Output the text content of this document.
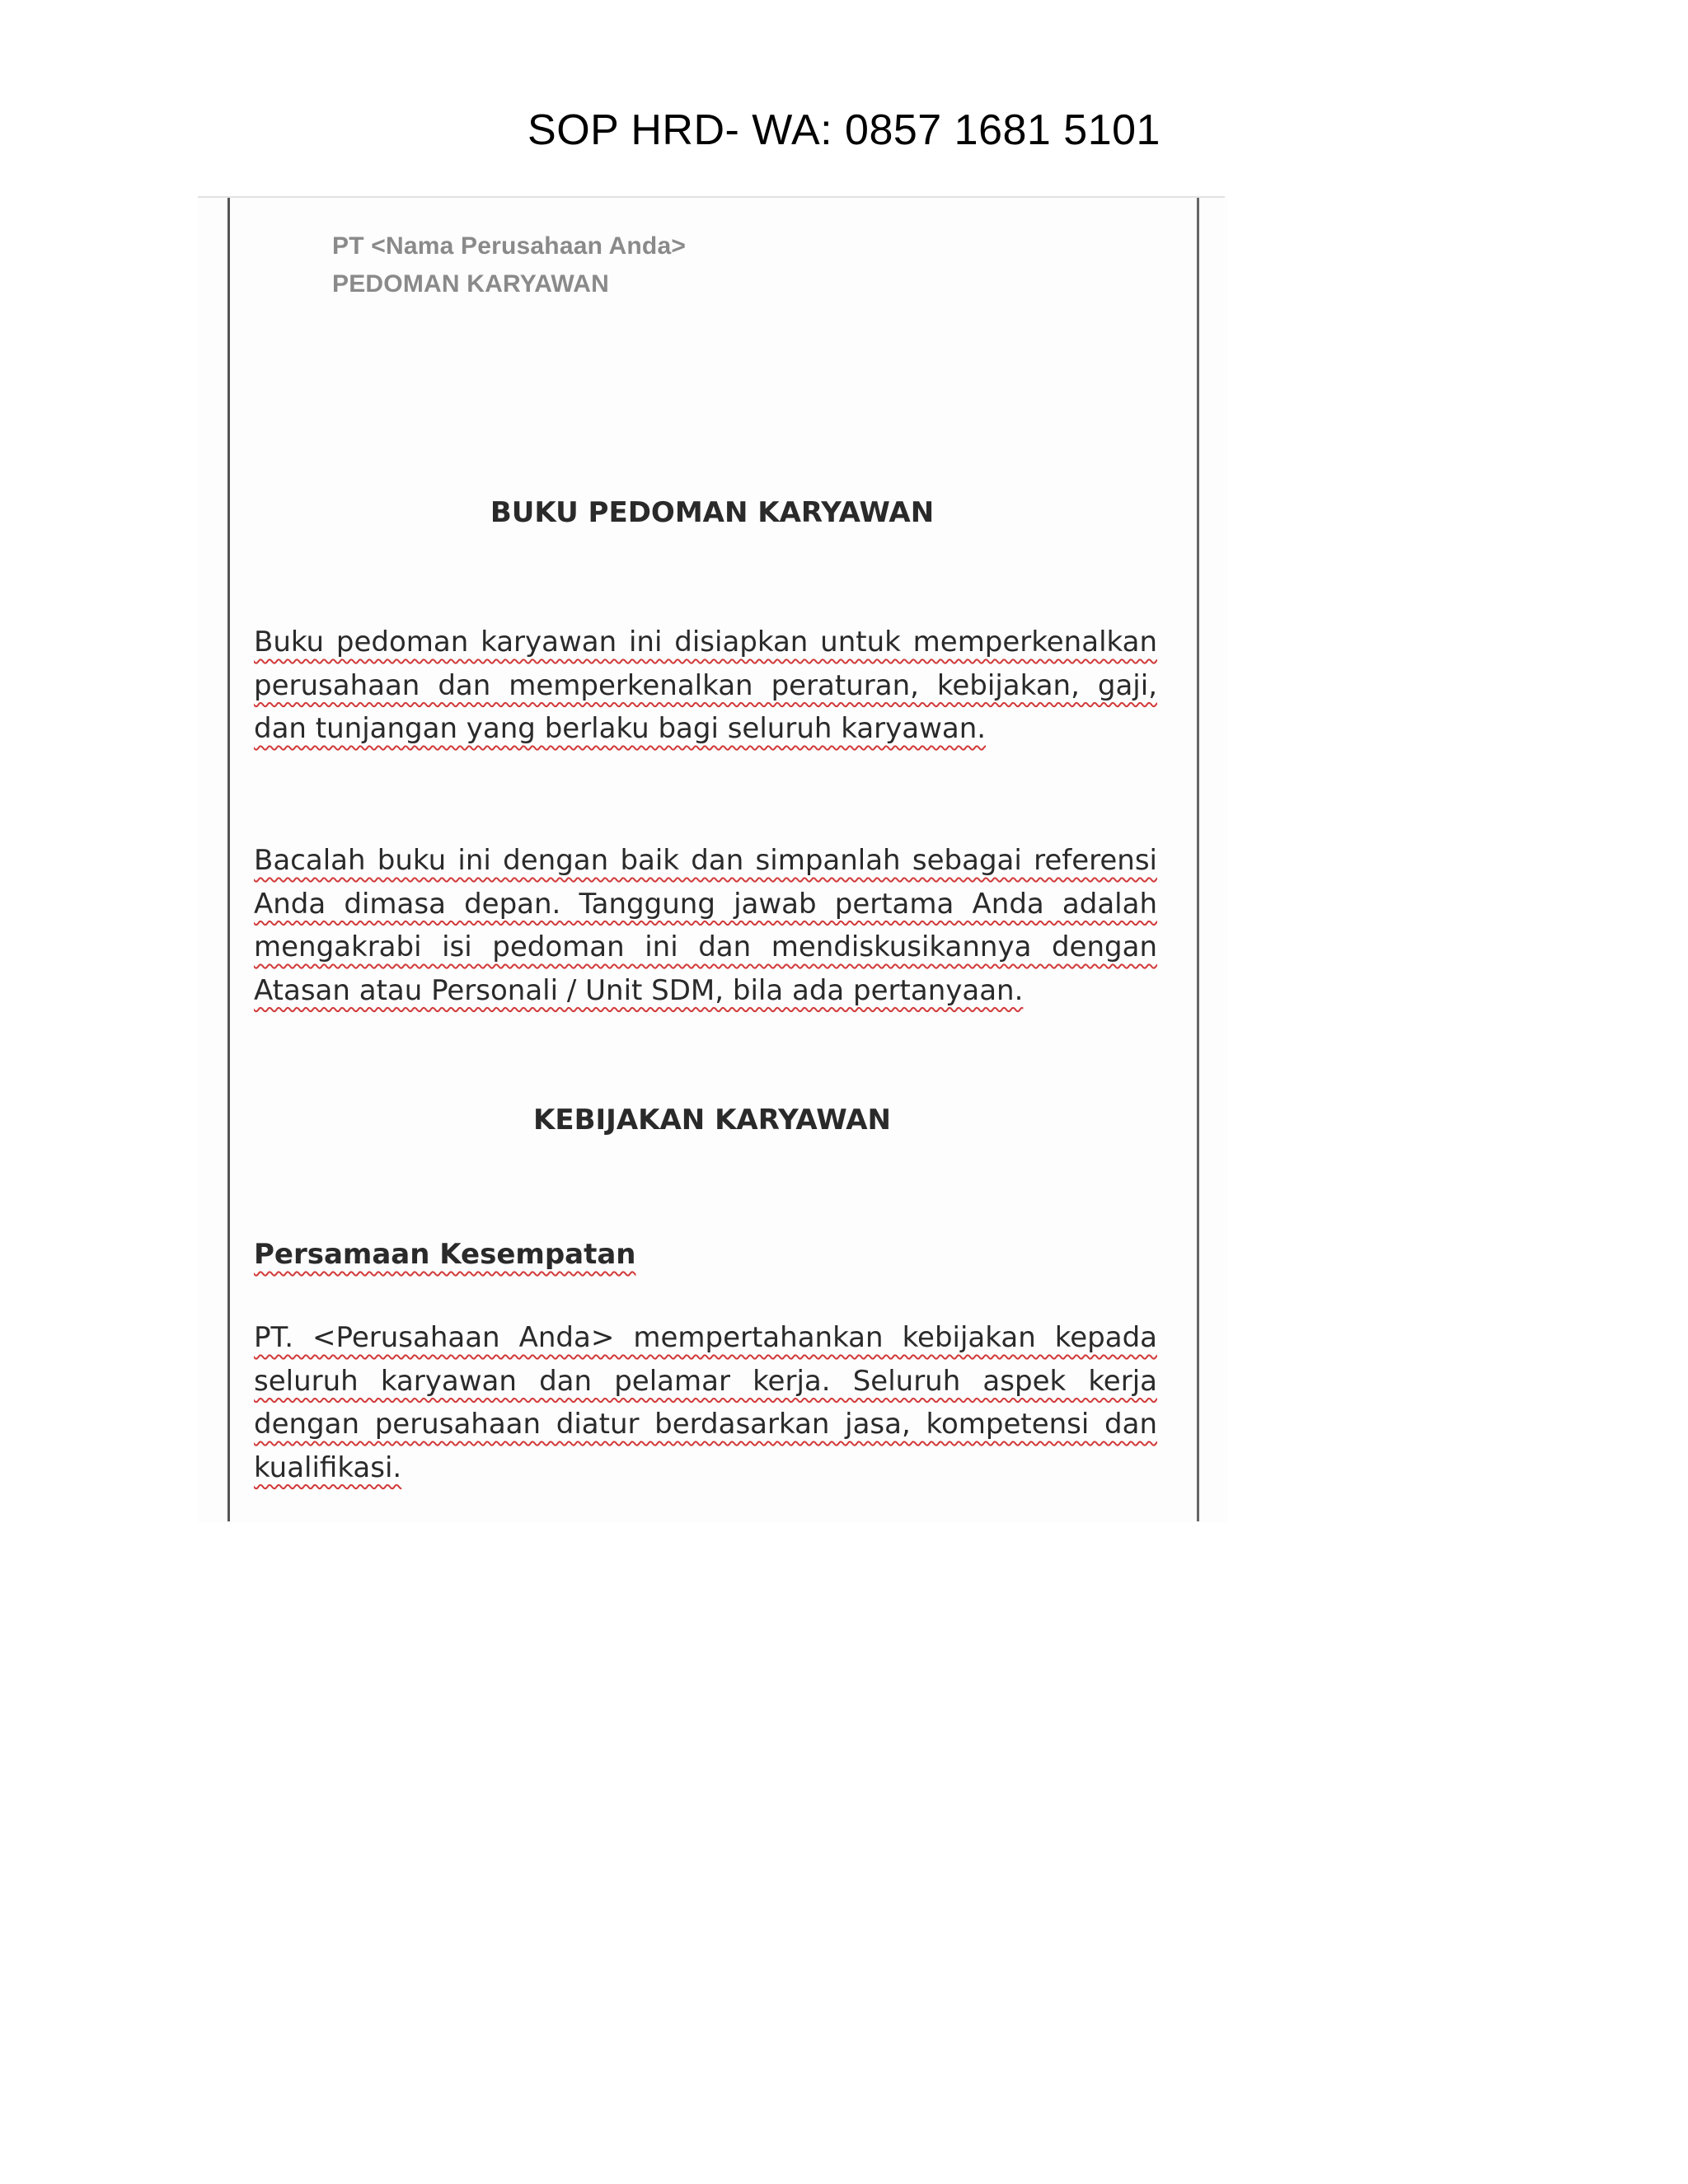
SOP HRD- WA: 0857 1681 5101
PT <Nama Perusahaan Anda>
PEDOMAN KARYAWAN
BUKU PEDOMAN KARYAWAN
Buku pedoman karyawan ini disiapkan untuk memperkenalkan perusahaan dan memperkenalkan peraturan, kebijakan, gaji, dan tunjangan yang berlaku bagi seluruh karyawan.
Bacalah buku ini dengan baik dan simpanlah sebagai referensi Anda dimasa depan. Tanggung jawab pertama Anda adalah mengakrabi isi pedoman ini dan mendiskusikannya dengan Atasan atau Personali / Unit SDM, bila ada pertanyaan.
KEBIJAKAN KARYAWAN
Persamaan Kesempatan
PT. <Perusahaan Anda> mempertahankan kebijakan kepada seluruh karyawan dan pelamar kerja. Seluruh aspek kerja dengan perusahaan diatur berdasarkan jasa, kompetensi dan kualifikasi.
